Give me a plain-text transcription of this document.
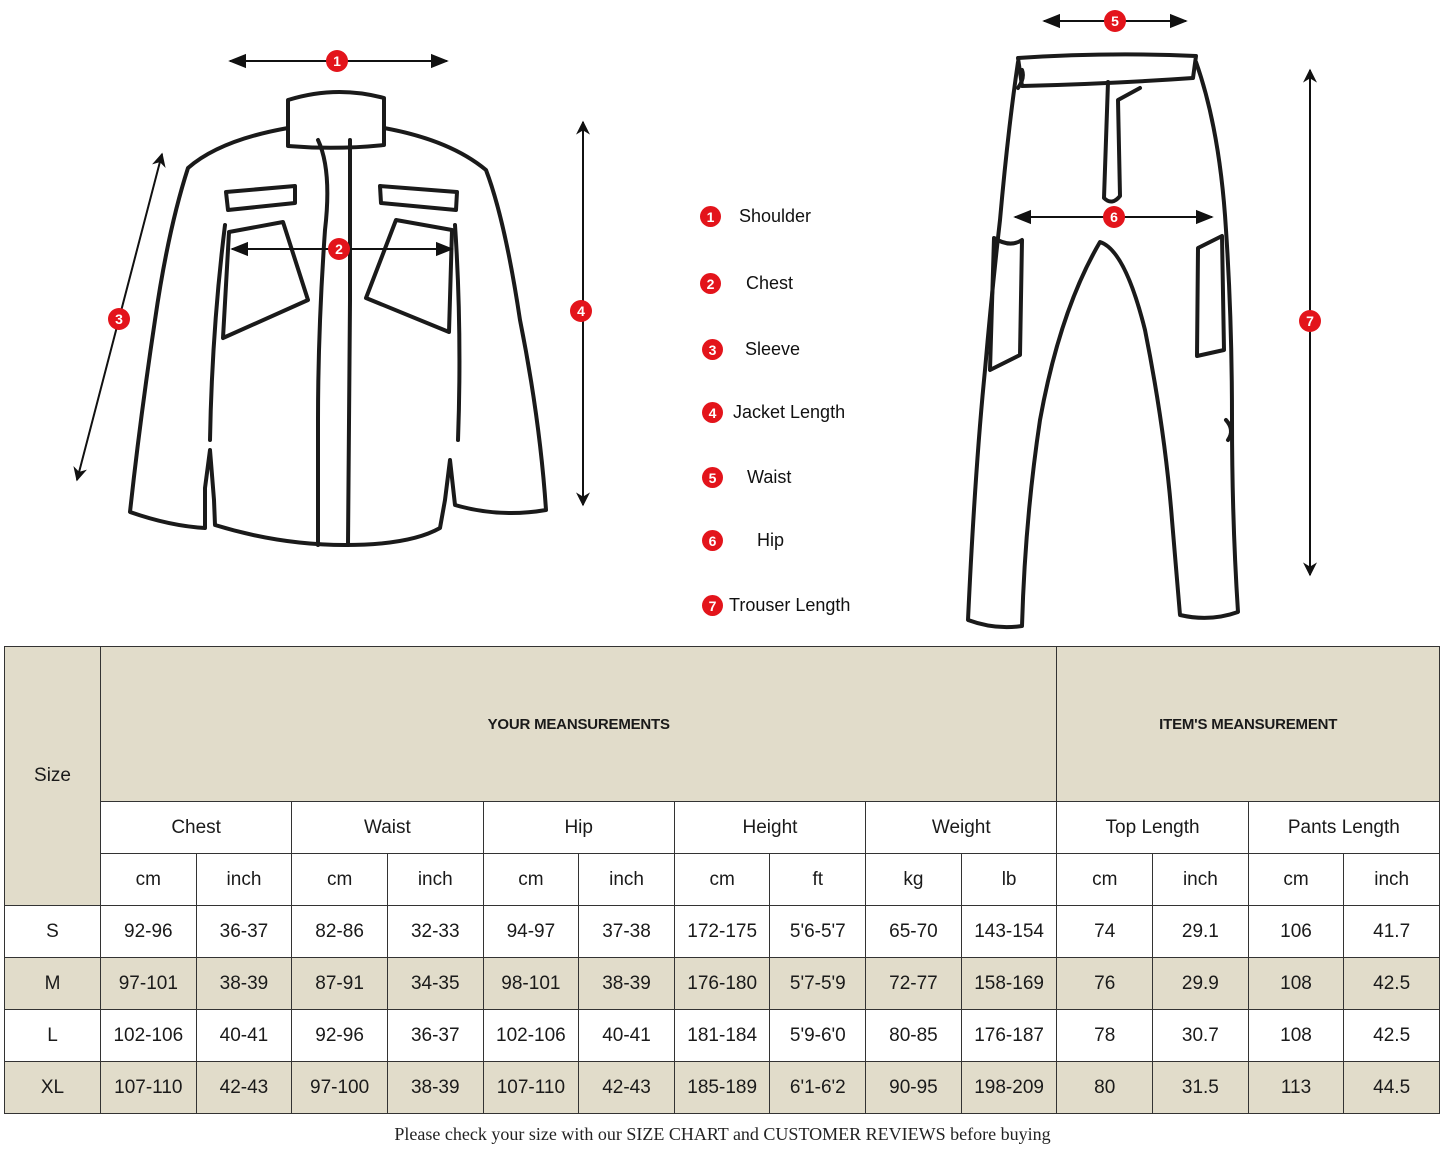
1
2
3	4
5
6
7
1	Shoulder
2	Chest
3	Sleeve
4 Jacket Length
5	Waist
6	Hip
7 Trouser Length
Size	YOUR MEANSUREMENTS										ITEM'S MEANSUREMENT			
	Chest		Waist		Hip		Height		Weight		Top Length		Pants Length	
	cm	inch	cm	inch	cm	inch	cm	ft	kg	lb	cm	inch	cm	inch
S	92-96	36-37	82-86	32-33	94-97	37-38	172-175	5'6-5'7	65-70	143-154	74	29.1	106	41.7
M	97-101	38-39	87-91	34-35	98-101	38-39	176-180	5'7-5'9	72-77	158-169	76	29.9	108	42.5
L	102-106	40-41	92-96	36-37	102-106	40-41	181-184	5'9-6'0	80-85	176-187	78	30.7	108	42.5
XL	107-110	42-43	97-100	38-39	107-110	42-43	185-189	6'1-6'2	90-95	198-209	80	31.5	113	44.5
Please check your size with our SIZE CHART and CUSTOMER REVIEWS before buying
